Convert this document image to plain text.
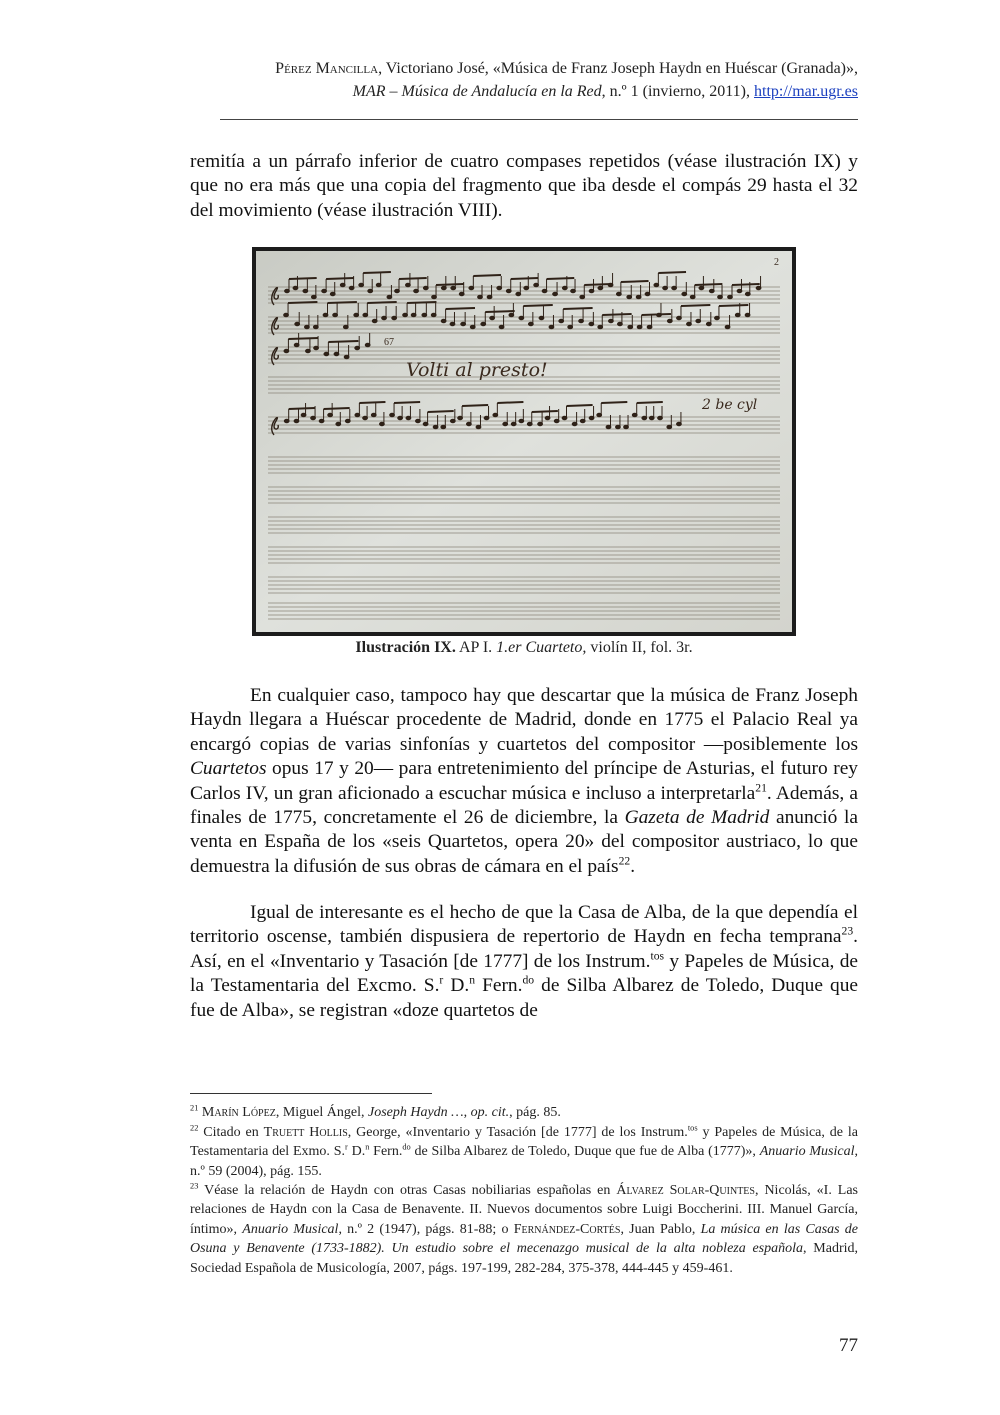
Pérez Mancilla, Victoriano José, «Música de Franz Joseph Haydn en Huéscar (Granada)»,
MAR – Música de Andalucía en la Red, n.º 1 (invierno, 2011), http://mar.ugr.es

remitía a un párrafo inferior de cuatro compases repetidos (véase ilustración IX) y que no era más que una copia del fragmento que iba desde el compás 29 hasta el 32 del movimiento (véase ilustración VIII).

67
Volti al presto!
2 be cyl
2
Ilustración IX. AP I. 1.er Cuarteto, violín II, fol. 3r.

En cualquier caso, tampoco hay que descartar que la música de Franz Joseph Haydn llegara a Huéscar procedente de Madrid, donde en 1775 el Palacio Real ya encargó copias de varias sinfonías y cuartetos del compositor —posiblemente los Cuartetos opus 17 y 20— para entretenimiento del príncipe de Asturias, el futuro rey Carlos IV, un gran aficionado a escuchar música e incluso a interpretarla$^{21}$. Además, a finales de 1775, concretamente el 26 de diciembre, la Gazeta de Madrid anunció la venta en España de los «seis Quartetos, opera 20» del compositor austriaco, lo que demuestra la difusión de sus obras de cámara en el país$^{22}$.

Igual de interesante es el hecho de que la Casa de Alba, de la que dependía el territorio oscense, también dispusiera de repertorio de Haydn en fecha temprana$^{23}$. Así, en el «Inventario y Tasación [de 1777] de los Instrum.$^{tos}$ y Papeles de Música, de la Testamentaria del Excmo. S.$^r$ D.$^n$ Fern.$^{do}$ de Silba Albarez de Toledo, Duque que fue de Alba», se registran «doze quartetos de

$^{21}$ Marín López, Miguel Ángel, Joseph Haydn …, op. cit., pág. 85.

$^{22}$ Citado en Truett Hollis, George, «Inventario y Tasación [de 1777] de los Instrum.$^{tos}$ y Papeles de Música, de la Testamentaria del Exmo. S.$^r$ D.$^n$ Fern.$^{do}$ de Silba Albarez de Toledo, Duque que fue de Alba (1777)», Anuario Musical, n.º 59 (2004), pág. 155.

$^{23}$ Véase la relación de Haydn con otras Casas nobiliarias españolas en Álvarez Solar-Quintes, Nicolás, «I. Las relaciones de Haydn con la Casa de Benavente. II. Nuevos documentos sobre Luigi Boccherini. III. Manuel García, íntimo», Anuario Musical, n.º 2 (1947), págs. 81-88; o Fernández-Cortés, Juan Pablo, La música en las Casas de Osuna y Benavente (1733-1882). Un estudio sobre el mecenazgo musical de la alta nobleza española, Madrid, Sociedad Española de Musicología, 2007, págs. 197-199, 282-284, 375-378, 444-445 y 459-461.

77
